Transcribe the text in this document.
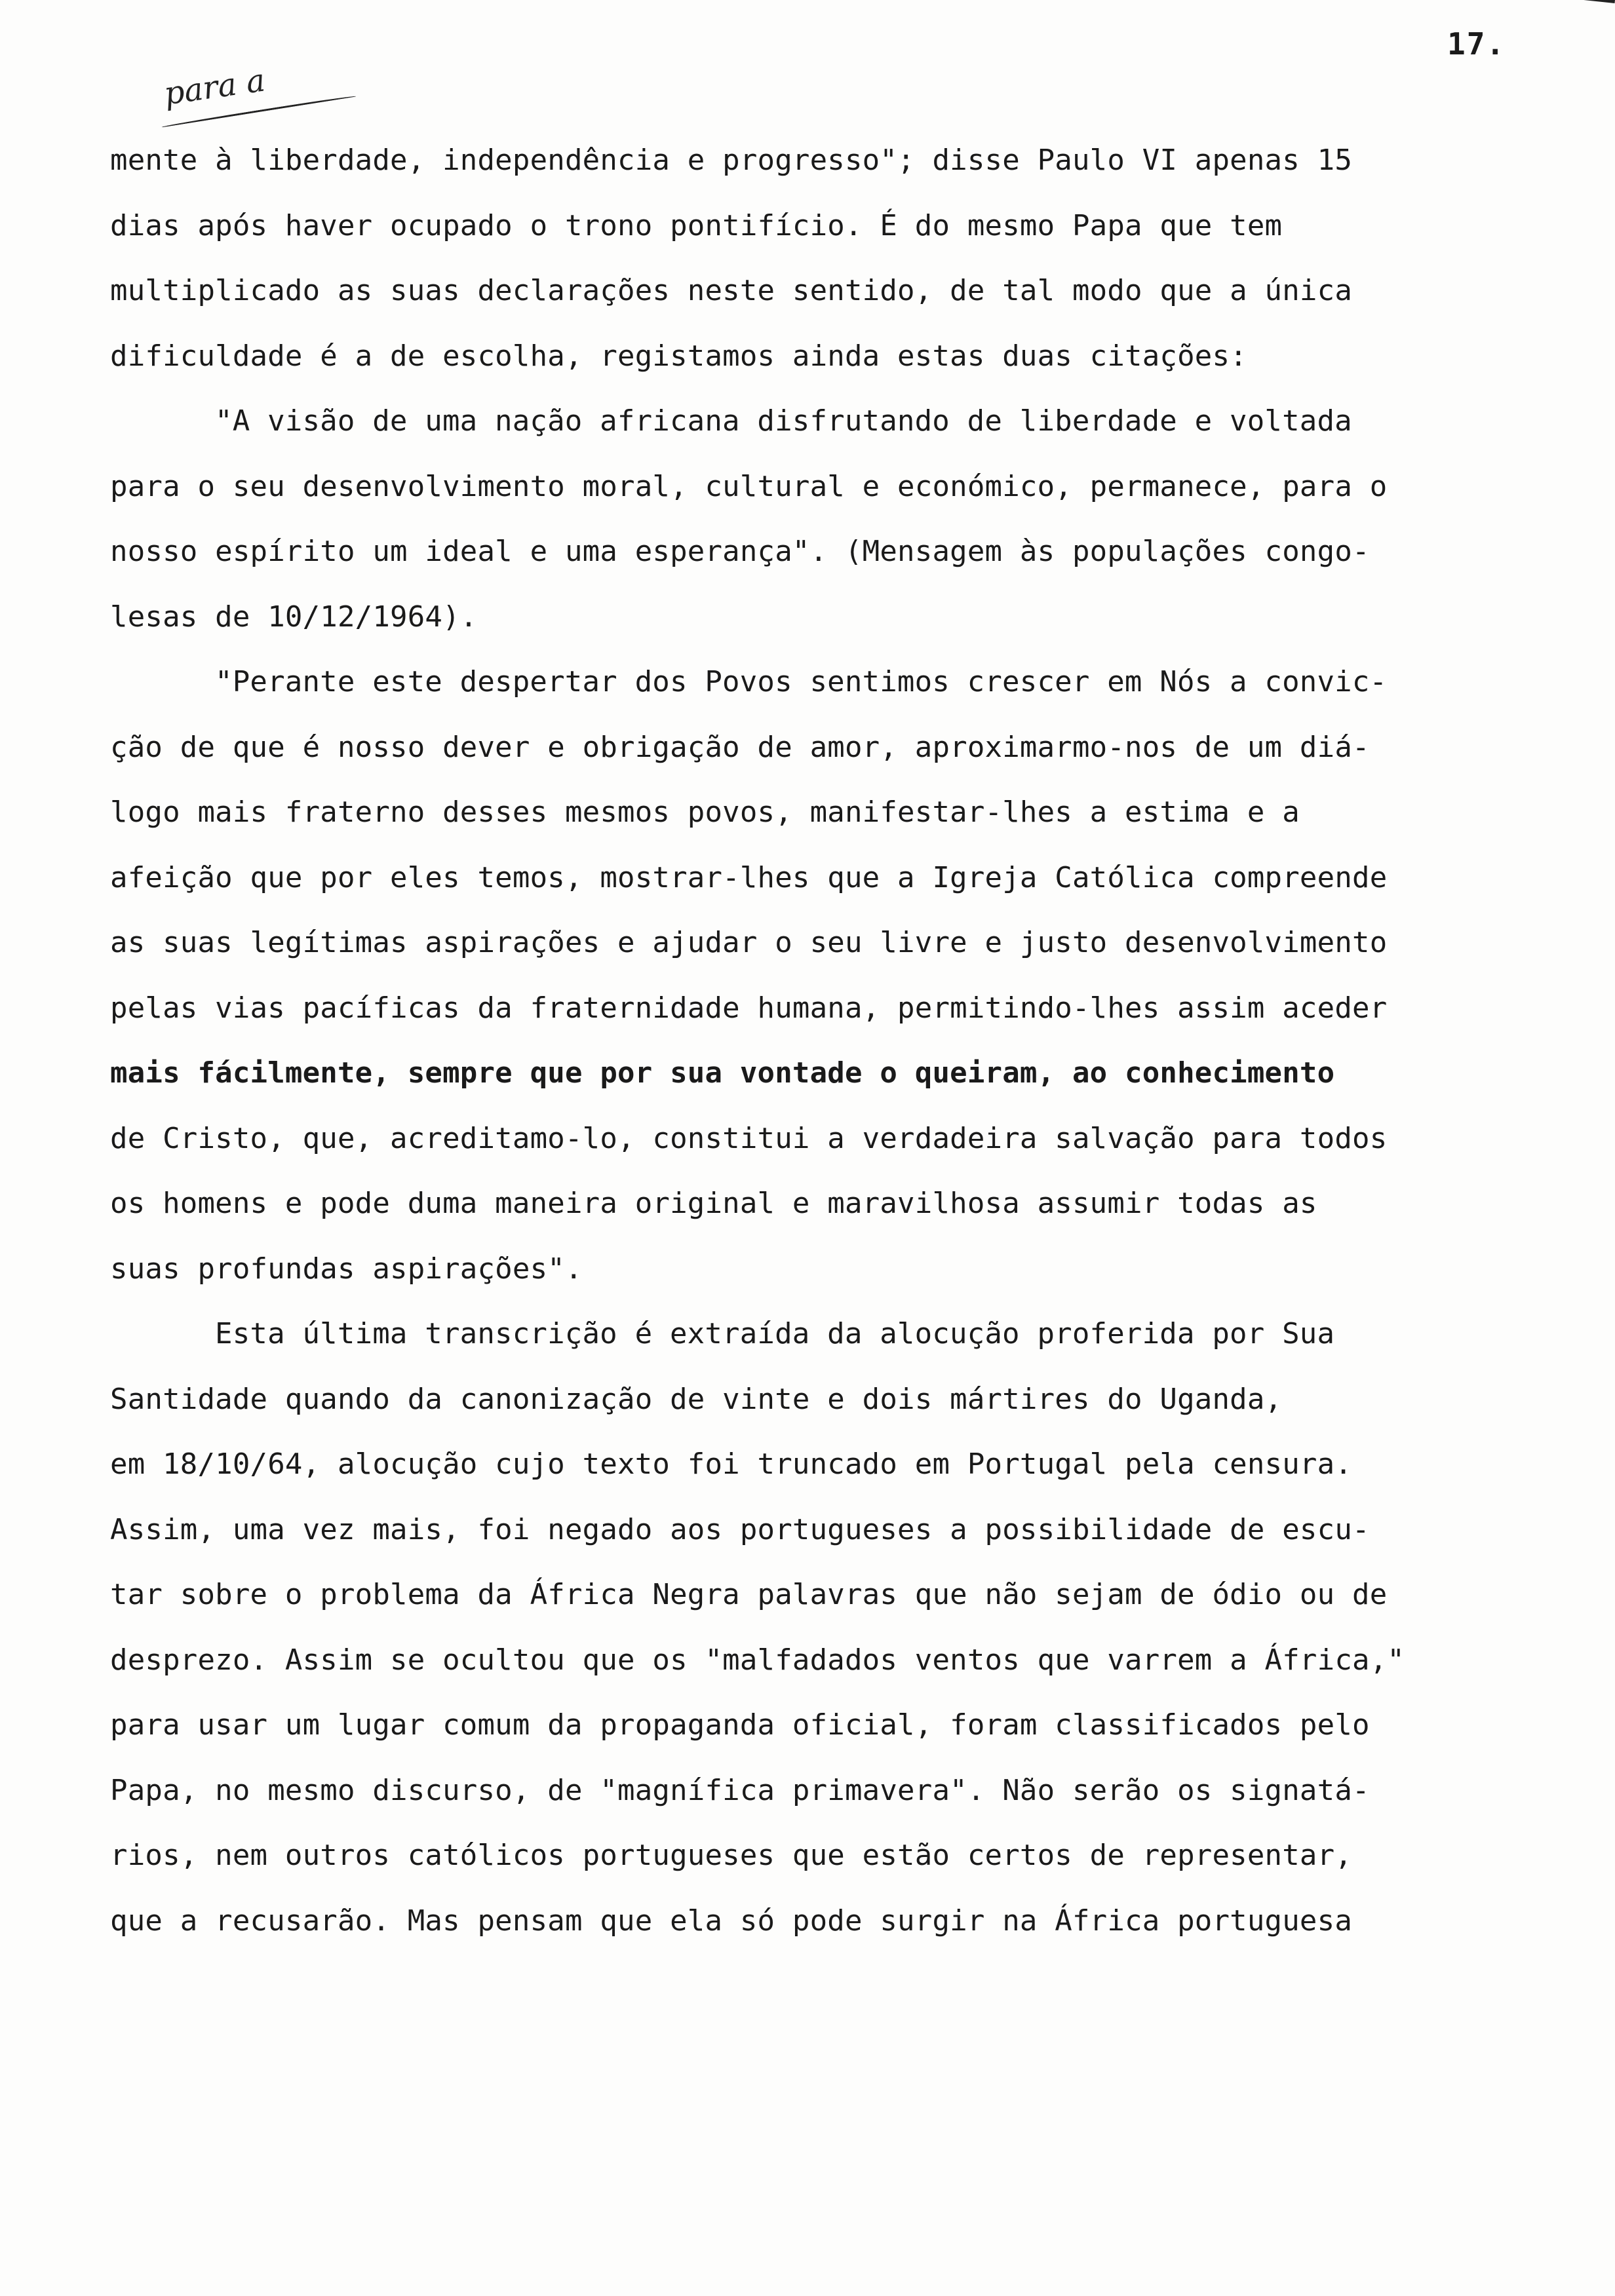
17.
para a
mente à liberdade, independência e progresso"; disse Paulo VI apenas 15
dias após haver ocupado o trono pontifício. É do mesmo Papa que tem
multiplicado as suas declarações neste sentido, de tal modo que a única
dificuldade é a de escolha, registamos ainda estas duas citações:
"A visão de uma nação africana disfrutando de liberdade e voltada
para o seu desenvolvimento moral, cultural e económico, permanece, para o
nosso espírito um ideal e uma esperança". (Mensagem às populações congo-
lesas de 10/12/1964).
"Perante este despertar dos Povos sentimos crescer em Nós a convic-
ção de que é nosso dever e obrigação de amor, aproximarmo-nos de um diá-
logo mais fraterno desses mesmos povos, manifestar-lhes a estima e a
afeição que por eles temos, mostrar-lhes que a Igreja Católica compreende
as suas legítimas aspirações e ajudar o seu livre e justo desenvolvimento
pelas vias pacíficas da fraternidade humana, permitindo-lhes assim aceder
mais fácilmente, sempre que por sua vontade o queiram, ao conhecimento
de Cristo, que, acreditamo-lo, constitui a verdadeira salvação para todos
os homens e pode duma maneira original e maravilhosa assumir todas as
suas profundas aspirações".
Esta última transcrição é extraída da alocução proferida por Sua
Santidade quando da canonização de vinte e dois mártires do Uganda,
em 18/10/64, alocução cujo texto foi truncado em Portugal pela censura.
Assim, uma vez mais, foi negado aos portugueses a possibilidade de escu-
tar sobre o problema da África Negra palavras que não sejam de ódio ou de
desprezo. Assim se ocultou que os "malfadados ventos que varrem a África,"
para usar um lugar comum da propaganda oficial, foram classificados pelo
Papa, no mesmo discurso, de "magnífica primavera". Não serão os signatá-
rios, nem outros católicos portugueses que estão certos de representar,
que a recusarão. Mas pensam que ela só pode surgir na África portuguesa
